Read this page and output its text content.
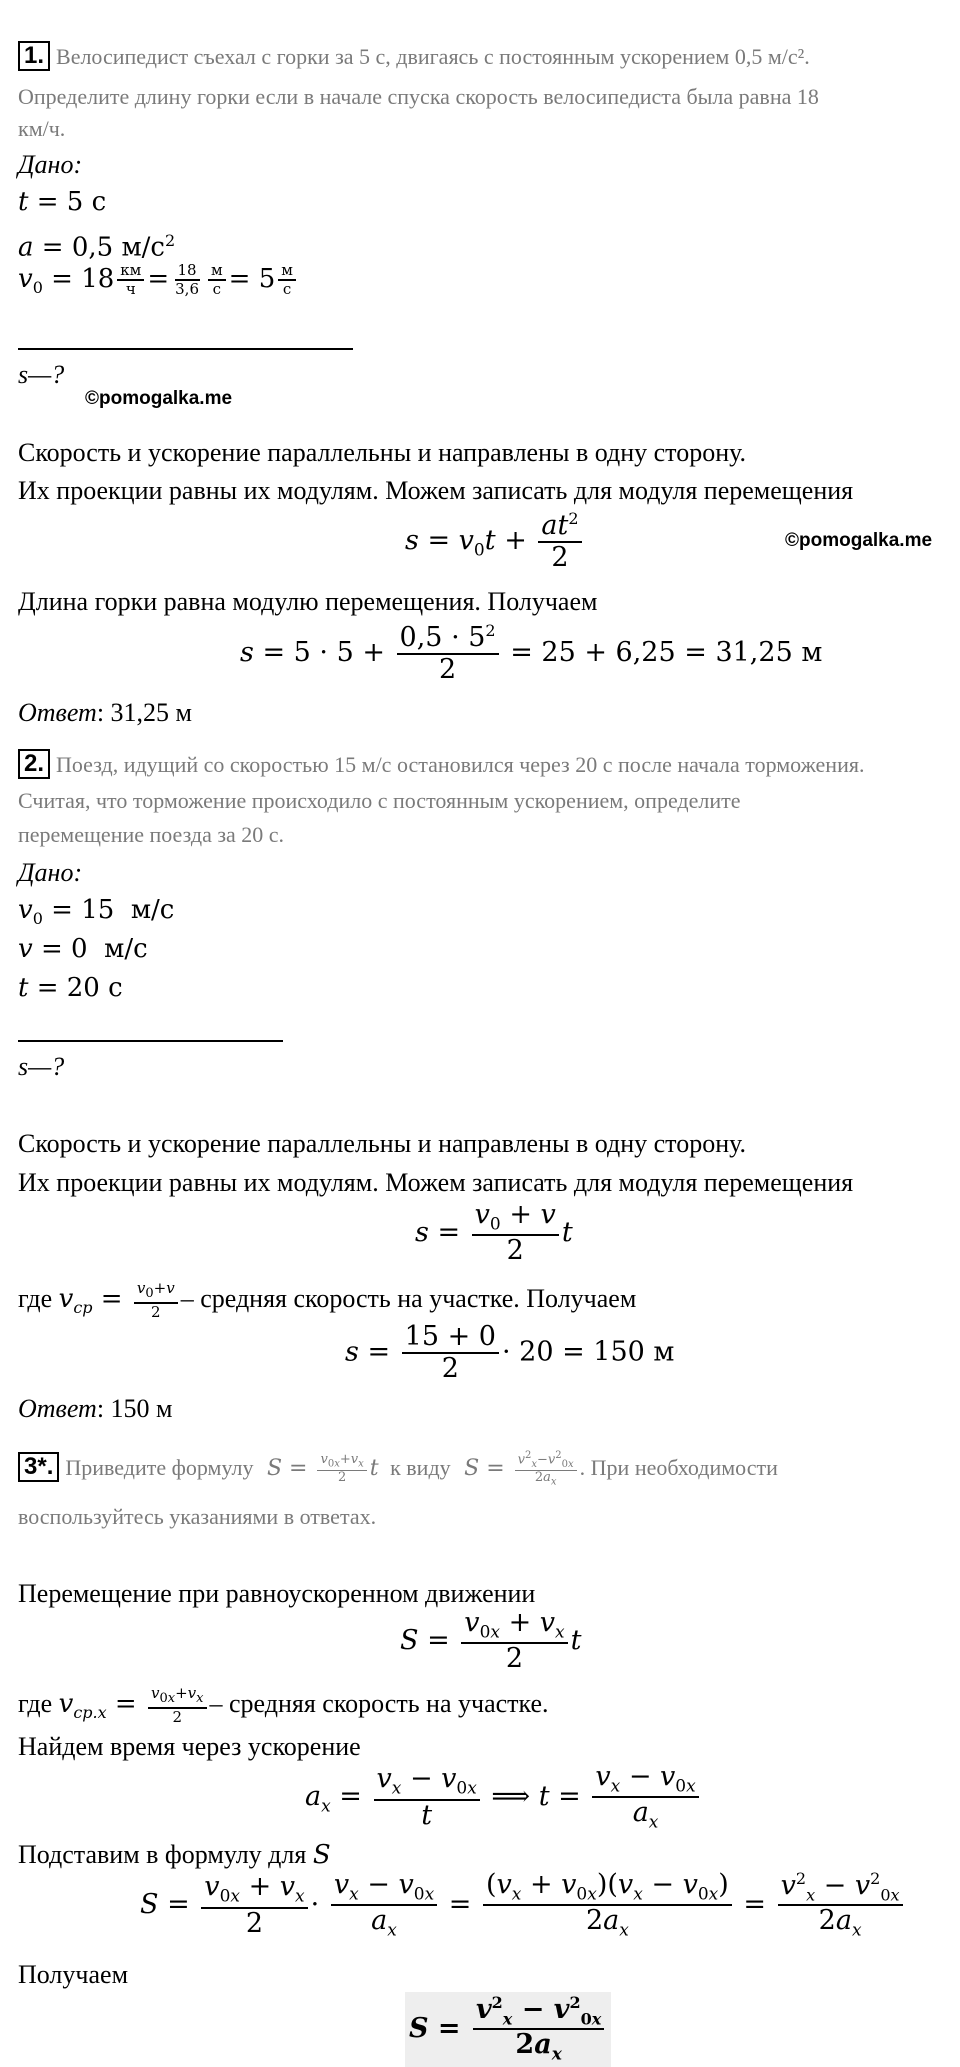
1. Велосипедист съехал с горки за 5 с, двигаясь с постоянным ускорением 0,5 м/с².
Определите длину горки если в начале спуска скорость велосипедиста была равна 18
км/ч.
Дано:
t = 5 с
a = 0,5 $м/с^2$
$v_0 = 18 \frac{км}{ч} = \frac{18}{3,6} \frac{м}{с} = 5 \frac{м}{с}$
s—?
©pomogalka.me
Скорость и ускорение параллельны и направлены в одну сторону.
Их проекции равны их модулям. Можем записать для модуля перемещения
$s = v_0t + \frac{at^2}{2}$	©pomogalka.me
Длина горки равна модулю перемещения. Получаем
$s = 5 \cdot 5 + \frac{0,5 \cdot 5^2}{2} = 25 + 6,25 = 31,25$ м
Ответ: 31,25 м
2. Поезд, идущий со скоростью 15 м/с остановился через 20 с после начала торможения.
Считая, что торможение происходило с постоянным ускорением, определите
перемещение поезда за 20 с.
Дано:
$v_0 = 15$  м/с
v = 0  м/с
t = 20 с
s—?
Скорость и ускорение параллельны и направлены в одну сторону.
Их проекции равны их модулям. Можем записать для модуля перемещения
$s = \frac{v_0 + v}{2}$ t
где $v_{ср} = \frac{v_0+v}{2}$ – средняя скорость на участке. Получаем
$s = \frac{15 + 0}{2} \cdot 20 = 150$ м
Ответ: 150 м
3*. Приведите формулу $S = \frac{v_{0x}+v_x}{2}$ t к виду $S = \frac{v^2_x-v^2_{0x}}{2a_x}$ . При необходимости
воспользуйтесь указаниями в ответах.
Перемещение при равноускоренном движении
$S = \frac{v_{0x} + v_x}{2}$ t
где $v_{ср.х} = \frac{v_{0x}+v_x}{2}$ – средняя скорость на участке.
Найдем время через ускорение
$a_x = \frac{v_x - v_{0x}}{t}$ ⟹ $t = \frac{v_x - v_{0x}}{a_x}$
Подставим в формулу для S
$S = \frac{v_{0x} + v_x}{2} \cdot \frac{v_x - v_{0x}}{a_x} = \frac{(v_x + v_{0x})(v_x - v_{0x})}{2a_x} = \frac{v^2_x - v^2_{0x}}{2a_x}$
Получаем
$S = \frac{v^2_x - v^2_{0x}}{2a_x}$
